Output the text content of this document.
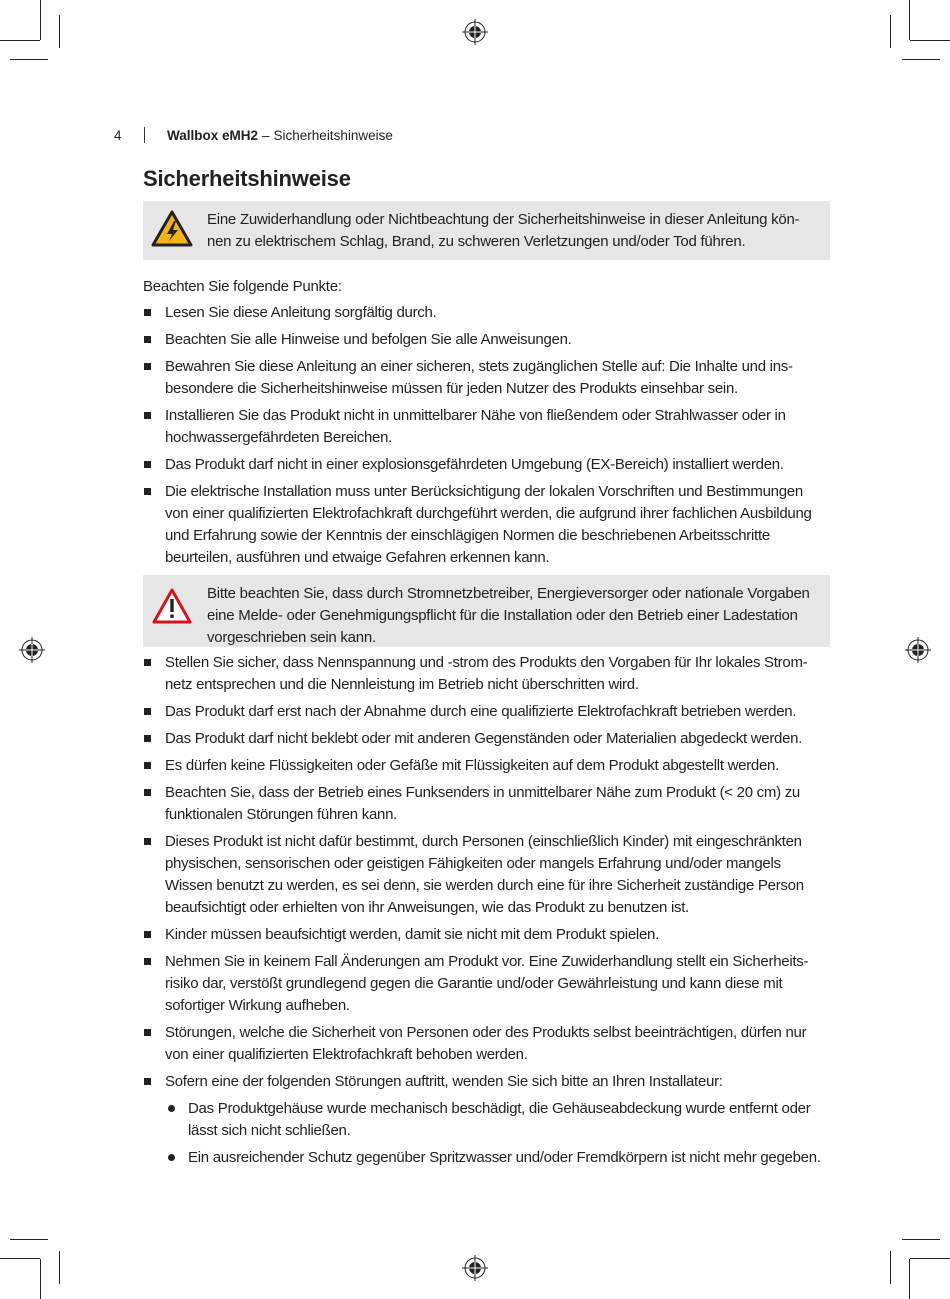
4	Wallbox eMH2 – Sicherheitshinweise
Sicherheitshinweise
Eine Zuwiderhandlung oder Nichtbeachtung der Sicherheitshinweise in dieser Anleitung kön-
nen zu elektrischem Schlag, Brand, zu schweren Verletzungen und/oder Tod führen.

Beachten Sie folgende Punkte:

Lesen Sie diese Anleitung sorgfältig durch.
Beachten Sie alle Hinweise und befolgen Sie alle Anweisungen.
Bewahren Sie diese Anleitung an einer sicheren, stets zugänglichen Stelle auf: Die Inhalte und ins-
besondere die Sicherheitshinweise müssen für jeden Nutzer des Produkts einsehbar sein.
Installieren Sie das Produkt nicht in unmittelbarer Nähe von fließendem oder Strahlwasser oder in
hochwassergefährdeten Bereichen.
Das Produkt darf nicht in einer explosionsgefährdeten Umgebung (EX-Bereich) installiert werden.
Die elektrische Installation muss unter Berücksichtigung der lokalen Vorschriften und Bestimmungen
von einer qualifizierten Elektrofachkraft durchgeführt werden, die aufgrund ihrer fachlichen Ausbildung
und Erfahrung sowie der Kenntnis der einschlägigen Normen die beschriebenen Arbeitsschritte
beurteilen, ausführen und etwaige Gefahren erkennen kann.
Bitte beachten Sie, dass durch Stromnetzbetreiber, Energieversorger oder nationale Vorgaben
eine Melde- oder Genehmigungspflicht für die Installation oder den Betrieb einer Ladestation
vorgeschrieben sein kann.
Stellen Sie sicher, dass Nennspannung und -strom des Produkts den Vorgaben für Ihr lokales Strom-
netz entsprechen und die Nennleistung im Betrieb nicht überschritten wird.
Das Produkt darf erst nach der Abnahme durch eine qualifizierte Elektrofachkraft betrieben werden.
Das Produkt darf nicht beklebt oder mit anderen Gegenständen oder Materialien abgedeckt werden.
Es dürfen keine Flüssigkeiten oder Gefäße mit Flüssigkeiten auf dem Produkt abgestellt werden.
Beachten Sie, dass der Betrieb eines Funksenders in unmittelbarer Nähe zum Produkt (< 20 cm) zu
funktionalen Störungen führen kann.
Dieses Produkt ist nicht dafür bestimmt, durch Personen (einschließlich Kinder) mit eingeschränkten
physischen, sensorischen oder geistigen Fähigkeiten oder mangels Erfahrung und/oder mangels
Wissen benutzt zu werden, es sei denn, sie werden durch eine für ihre Sicherheit zuständige Person
beaufsichtigt oder erhielten von ihr Anweisungen, wie das Produkt zu benutzen ist.
Kinder müssen beaufsichtigt werden, damit sie nicht mit dem Produkt spielen.
Nehmen Sie in keinem Fall Änderungen am Produkt vor. Eine Zuwiderhandlung stellt ein Sicherheits-
risiko dar, verstößt grundlegend gegen die Garantie und/oder Gewährleistung und kann diese mit
sofortiger Wirkung aufheben.
Störungen, welche die Sicherheit von Personen oder des Produkts selbst beeinträchtigen, dürfen nur
von einer qualifizierten Elektrofachkraft behoben werden.
Sofern eine der folgenden Störungen auftritt, wenden Sie sich bitte an Ihren Installateur:
Das Produktgehäuse wurde mechanisch beschädigt, die Gehäuseabdeckung wurde entfernt oder
lässt sich nicht schließen.
Ein ausreichender Schutz gegenüber Spritzwasser und/oder Fremdkörpern ist nicht mehr gegeben.
